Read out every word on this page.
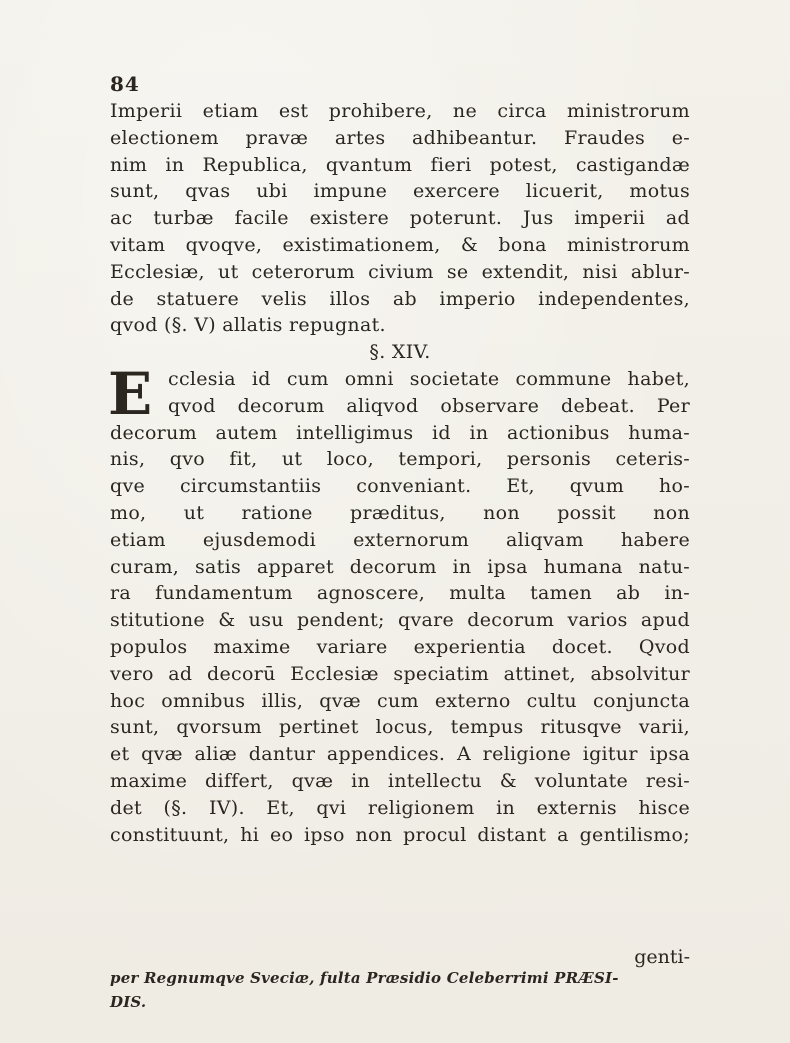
84
Imperii etiam est prohibere, ne circa ministrorum
electionem pravæ artes adhibeantur. Fraudes e-
nim in Republica, qvantum fieri potest, castigandæ
sunt, qvas ubi impune exercere licuerit, motus
ac turbæ facile existere poterunt. Jus imperii ad
vitam qvoqve, existimationem, & bona ministrorum
Ecclesiæ, ut ceterorum civium se extendit, nisi ablur-
de statuere velis illos ab imperio independentes,
qvod (§. V) allatis repugnat.
§. XIV.
E cclesia id cum omni societate commune habet,
qvod decorum aliqvod observare debeat. Per
decorum autem intelligimus id in actionibus huma-
nis, qvo fit, ut loco, tempori, personis ceteris-
qve circumstantiis conveniant. Et, qvum ho-
mo, ut ratione præditus, non possit non
etiam ejusdemodi externorum aliqvam habere
curam, satis apparet decorum in ipsa humana natu-
ra fundamentum agnoscere, multa tamen ab in-
stitutione & usu pendent; qvare decorum varios apud
populos maxime variare experientia docet. Qvod
vero ad decorū Ecclesiæ speciatim attinet, absolvitur
hoc omnibus illis, qvæ cum externo cultu conjuncta
sunt, qvorsum pertinet locus, tempus ritusqve varii,
et qvæ aliæ dantur appendices. A religione igitur ipsa
maxime differt, qvæ in intellectu & voluntate resi-
det (§. IV). Et, qvi religionem in externis hisce
constituunt, hi eo ipso non procul distant a gentilismo;
genti-
per Regnumqve Sveciæ, fulta Præsidio Celeberrimi PRÆSI-
DIS.
